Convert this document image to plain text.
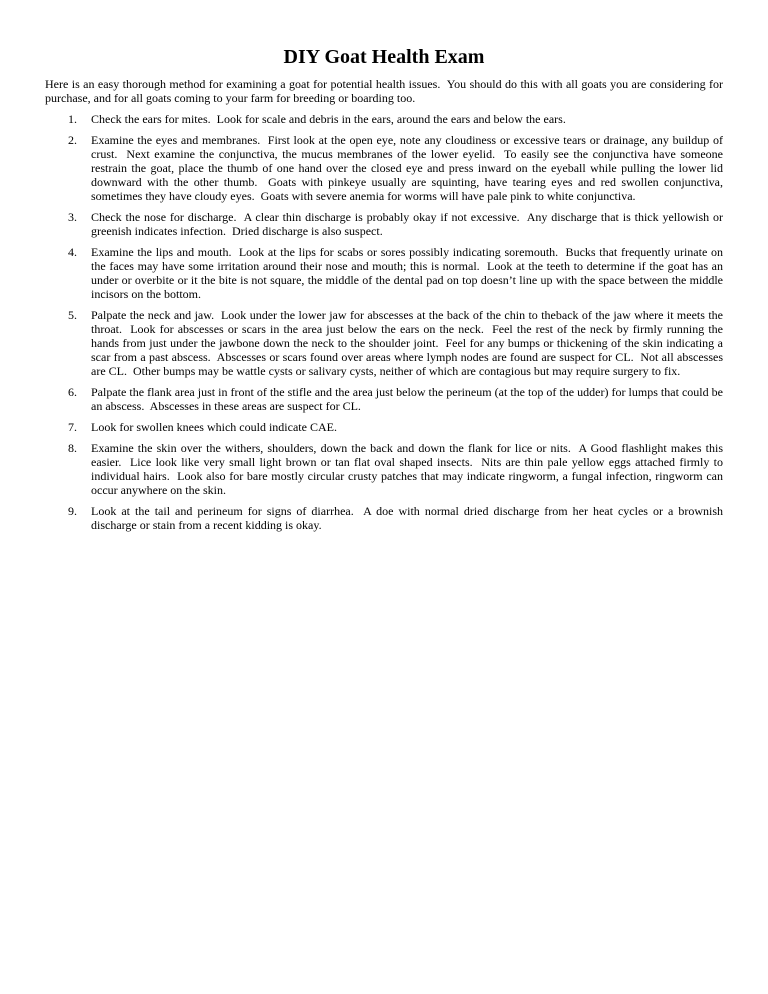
DIY Goat Health Exam

Here is an easy thorough method for examining a goat for potential health issues.  You should do this with all goats you are considering for purchase, and for all goats coming to your farm for breeding or boarding too.

1. Check the ears for mites.  Look for scale and debris in the ears, around the ears and below the ears.
2. Examine the eyes and membranes.  First look at the open eye, note any cloudiness or excessive tears or drainage, any buildup of crust.  Next examine the conjunctiva, the mucus membranes of the lower eyelid.  To easily see the conjunctiva have someone restrain the goat, place the thumb of one hand over the closed eye and press inward on the eyeball while pulling the lower lid downward with the other thumb.  Goats with pinkeye usually are squinting, have tearing eyes and red swollen conjunctiva, sometimes they have cloudy eyes.  Goats with severe anemia for worms will have pale pink to white conjunctiva.
3. Check the nose for discharge.  A clear thin discharge is probably okay if not excessive.  Any discharge that is thick yellowish or greenish indicates infection.  Dried discharge is also suspect.
4. Examine the lips and mouth.  Look at the lips for scabs or sores possibly indicating soremouth.  Bucks that frequently urinate on the faces may have some irritation around their nose and mouth; this is normal.  Look at the teeth to determine if the goat has an under or overbite or it the bite is not square, the middle of the dental pad on top doesn’t line up with the space between the middle incisors on the bottom.
5. Palpate the neck and jaw.  Look under the lower jaw for abscesses at the back of the chin to theback of the jaw where it meets the throat.  Look for abscesses or scars in the area just below the ears on the neck.  Feel the rest of the neck by firmly running the hands from just under the jawbone down the neck to the shoulder joint.  Feel for any bumps or thickening of the skin indicating a scar from a past abscess.  Abscesses or scars found over areas where lymph nodes are found are suspect for CL.  Not all abscesses are CL.  Other bumps may be wattle cysts or salivary cysts, neither of which are contagious but may require surgery to fix.
6. Palpate the flank area just in front of the stifle and the area just below the perineum (at the top of the udder) for lumps that could be an abscess.  Abscesses in these areas are suspect for CL.
7. Look for swollen knees which could indicate CAE.
8. Examine the skin over the withers, shoulders, down the back and down the flank for lice or nits.  A Good flashlight makes this easier.  Lice look like very small light brown or tan flat oval shaped insects.  Nits are thin pale yellow eggs attached firmly to individual hairs.  Look also for bare mostly circular crusty patches that may indicate ringworm, a fungal infection, ringworm can occur anywhere on the skin.
9. Look at the tail and perineum for signs of diarrhea.  A doe with normal dried discharge from her heat cycles or a brownish discharge or stain from a recent kidding is okay.
